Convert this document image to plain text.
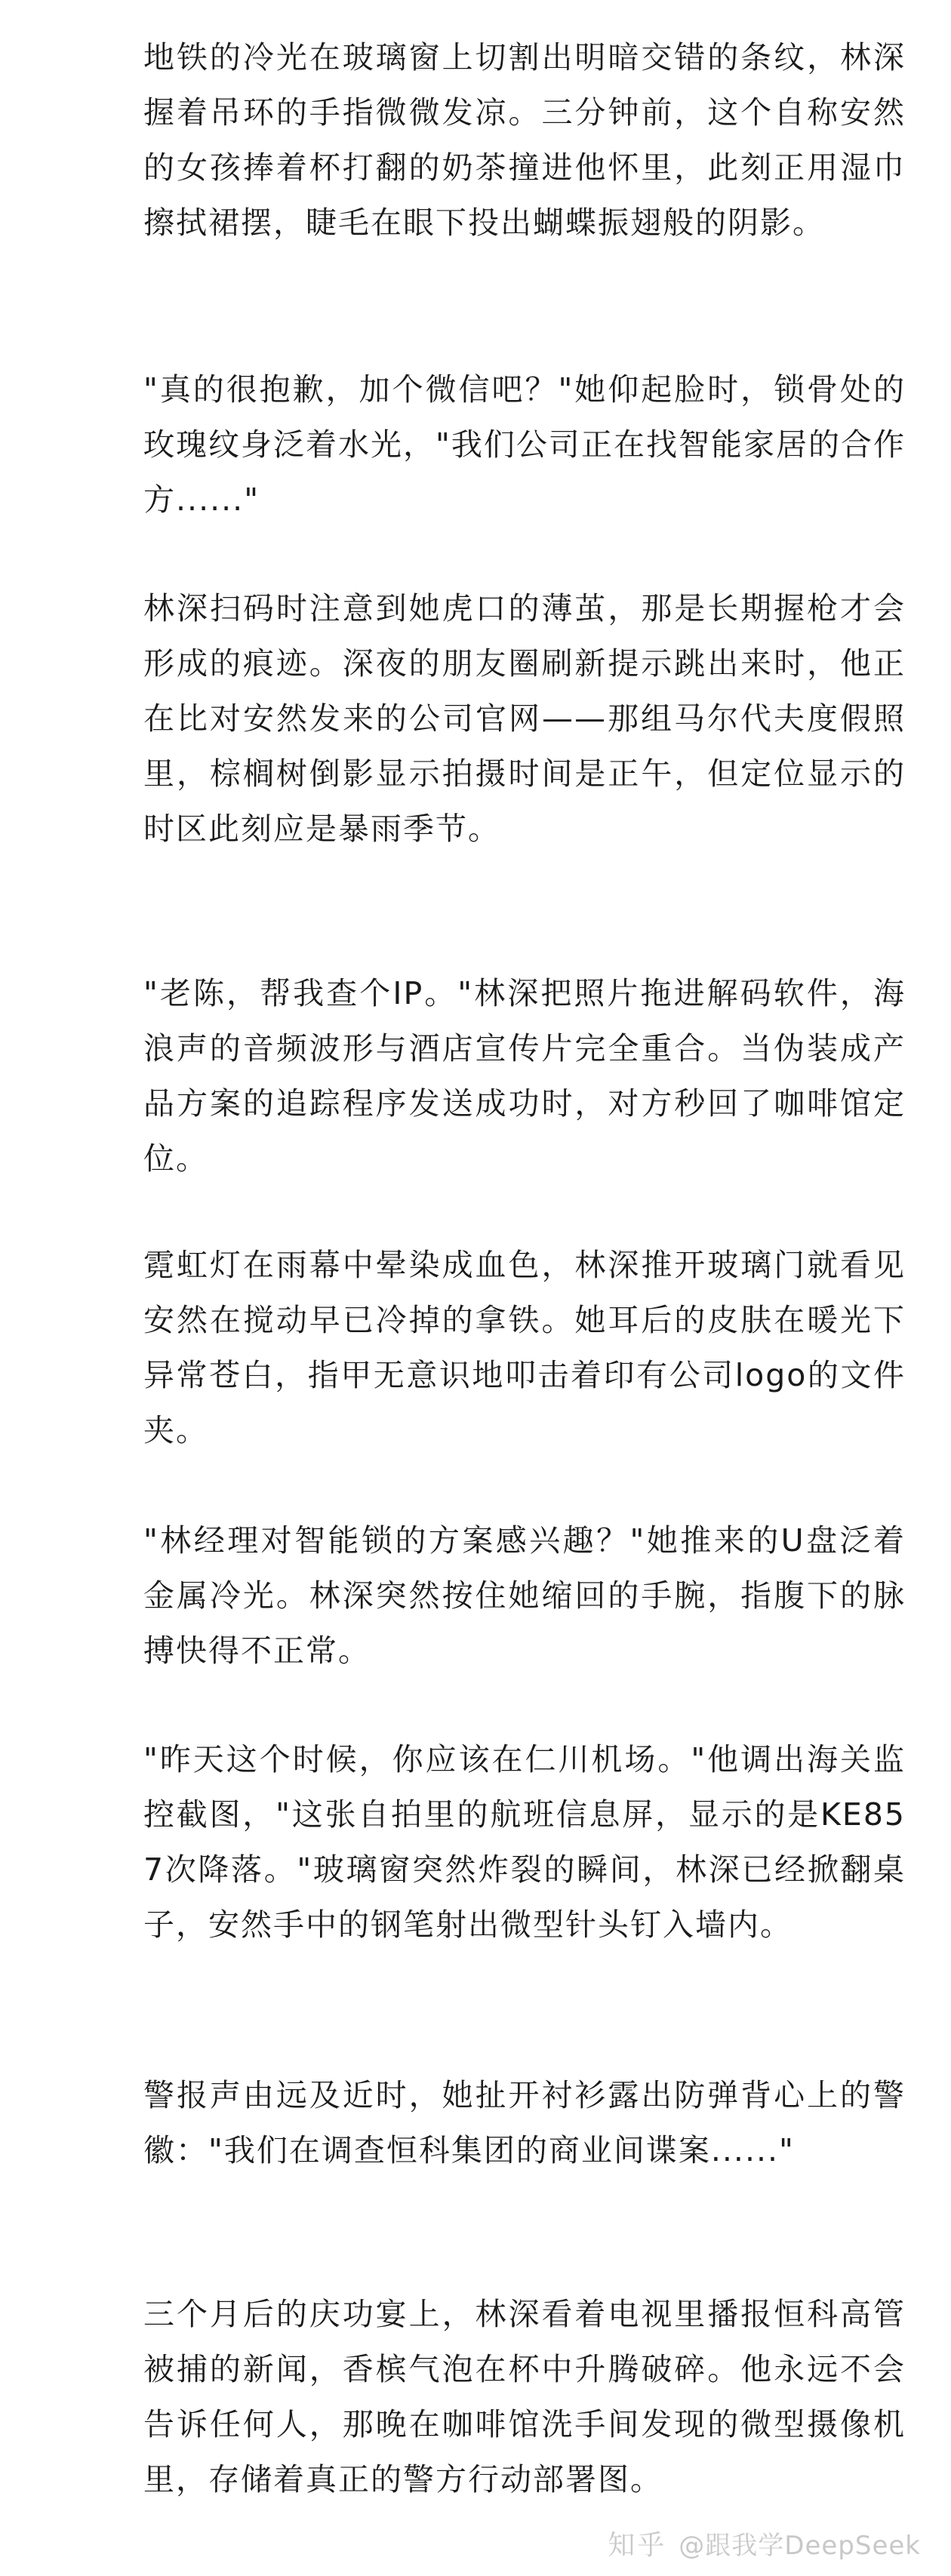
地铁的冷光在玻璃窗上切割出明暗交错的条纹，林深握着吊环的手指微微发凉。三分钟前，这个自称安然的女孩捧着杯打翻的奶茶撞进他怀里，此刻正用湿巾擦拭裙摆，睫毛在眼下投出蝴蝶振翅般的阴影。

"真的很抱歉，加个微信吧？"她仰起脸时，锁骨处的玫瑰纹身泛着水光，"我们公司正在找智能家居的合作方......"

林深扫码时注意到她虎口的薄茧，那是长期握枪才会形成的痕迹。深夜的朋友圈刷新提示跳出来时，他正在比对安然发来的公司官网——那组马尔代夫度假照里，棕榈树倒影显示拍摄时间是正午，但定位显示的时区此刻应是暴雨季节。

"老陈，帮我查个IP。"林深把照片拖进解码软件，海浪声的音频波形与酒店宣传片完全重合。当伪装成产品方案的追踪程序发送成功时，对方秒回了咖啡馆定位。

霓虹灯在雨幕中晕染成血色，林深推开玻璃门就看见安然在搅动早已冷掉的拿铁。她耳后的皮肤在暖光下异常苍白，指甲无意识地叩击着印有公司logo的文件夹。

"林经理对智能锁的方案感兴趣？"她推来的U盘泛着金属冷光。林深突然按住她缩回的手腕，指腹下的脉搏快得不正常。

"昨天这个时候，你应该在仁川机场。"他调出海关监控截图，"这张自拍里的航班信息屏，显示的是KE857次降落。"玻璃窗突然炸裂的瞬间，林深已经掀翻桌子，安然手中的钢笔射出微型针头钉入墙内。

警报声由远及近时，她扯开衬衫露出防弹背心上的警徽："我们在调查恒科集团的商业间谍案......"

三个月后的庆功宴上，林深看着电视里播报恒科高管被捕的新闻，香槟气泡在杯中升腾破碎。他永远不会告诉任何人，那晚在咖啡馆洗手间发现的微型摄像机里，存储着真正的警方行动部署图。

知乎 @跟我学DeepSeek
